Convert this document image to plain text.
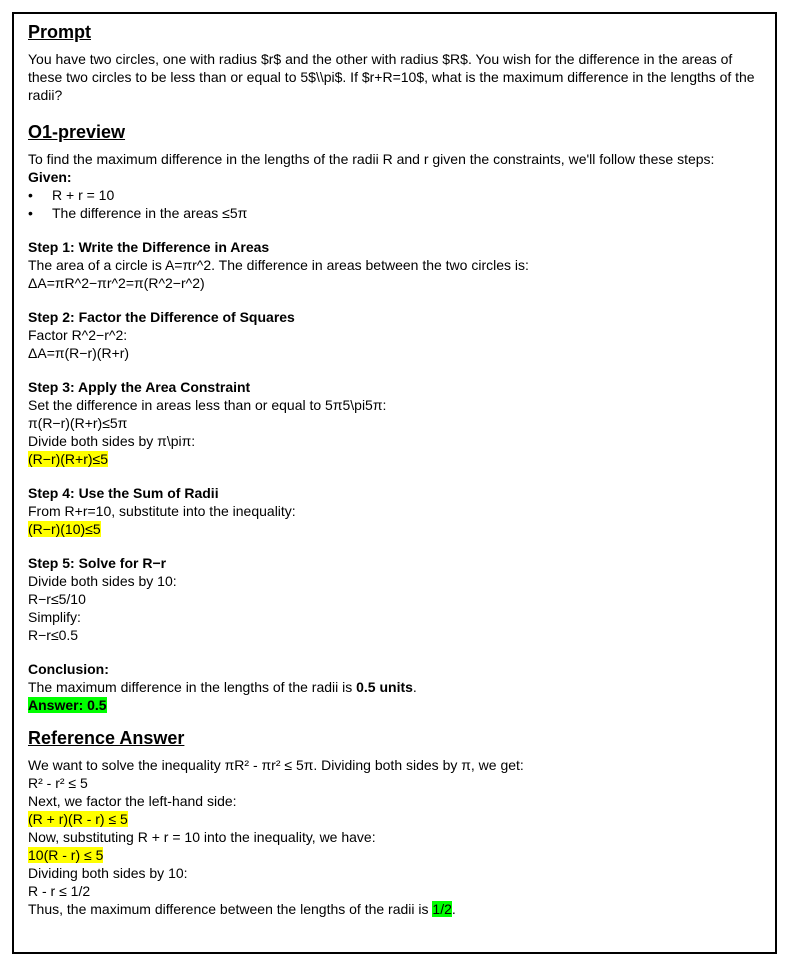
Prompt

You have two circles, one with radius $r$ and the other with radius $R$. You wish for the difference in the areas of these two circles to be less than or equal to 5$\\pi$. If $r+R=10$, what is the maximum difference in the lengths of the radii?

O1-preview

To find the maximum difference in the lengths of the radii R and r given the constraints, we'll follow these steps:

Given:

• R + r = 10
• The difference in the areas ≤5π

Step 1: Write the Difference in Areas

The area of a circle is A=πr^2. The difference in areas between the two circles is:

ΔA=πR^2−πr^2=π(R^2−r^2)

Step 2: Factor the Difference of Squares

Factor R^2−r^2:

ΔA=π(R−r)(R+r)

Step 3: Apply the Area Constraint

Set the difference in areas less than or equal to 5π5\pi5π:

π(R−r)(R+r)≤5π

Divide both sides by π\piπ:

(R−r)(R+r)≤5

Step 4: Use the Sum of Radii

From R+r=10, substitute into the inequality:

(R−r)(10)≤5

Step 5: Solve for R−r

Divide both sides by 10:

R−r≤5/10

Simplify:

R−r≤0.5

Conclusion:

The maximum difference in the lengths of the radii is 0.5 units.

Answer: 0.5

Reference Answer

We want to solve the inequality πR² - πr² ≤ 5π. Dividing both sides by π, we get:

R² - r² ≤ 5

Next, we factor the left-hand side:

(R + r)(R - r) ≤ 5

Now, substituting R + r = 10 into the inequality, we have:

10(R - r) ≤ 5

Dividing both sides by 10:

R - r ≤ 1/2

Thus, the maximum difference between the lengths of the radii is 1/2.
